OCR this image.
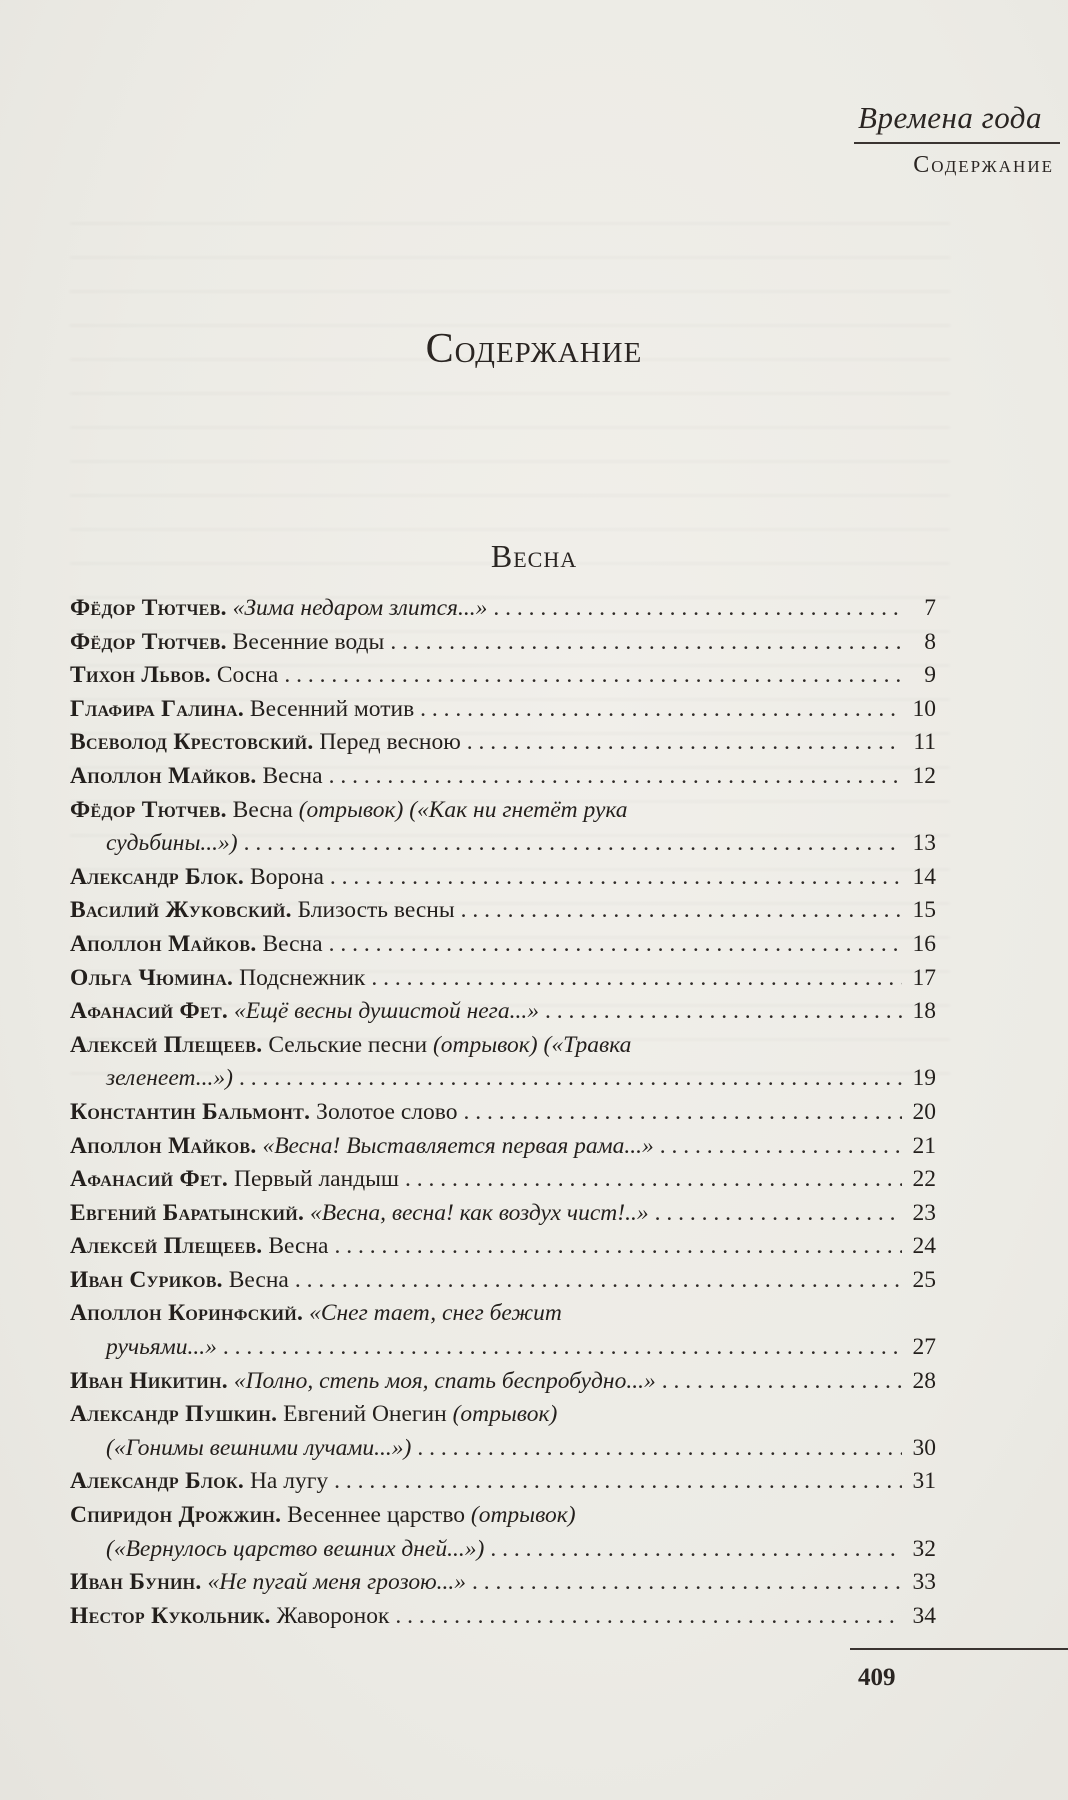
Времена года
Содержание
Содержание
Весна
Фёдор Тютчев. «Зима недаром злится...» . . .	7
Фёдор Тютчев. Весенние воды . . .	8
Тихон Львов. Сосна . . .	9
Глафира Галина. Весенний мотив . . .	10
Всеволод Крестовский. Перед весною . . .	11
Аполлон Майков. Весна . . .	12
Фёдор Тютчев. Весна (отрывок) («Как ни гнетёт рука
судьбины...») . . .	13
Александр Блок. Ворона . . .	14
Василий Жуковский. Близость весны . . .	15
Аполлон Майков. Весна . . .	16
Ольга Чюмина. Подснежник . . .	17
Афанасий Фет. «Ещё весны душистой нега...» . . .	18
Алексей Плещеев. Сельские песни (отрывок) («Травка
зеленеет...») . . .	19
Константин Бальмонт. Золотое слово . . .	20
Аполлон Майков. «Весна! Выставляется первая рама...» . . .	21
Афанасий Фет. Первый ландыш . . .	22
Евгений Баратынский. «Весна, весна! как воздух чист!..» . . .	23
Алексей Плещеев. Весна . . .	24
Иван Суриков. Весна . . .	25
Аполлон Коринфский. «Снег тает, снег бежит
ручьями...» . . .	27
Иван Никитин. «Полно, степь моя, спать беспробудно...» . . .	28
Александр Пушкин. Евгений Онегин (отрывок)
(«Гонимы вешними лучами...») . . .	30
Александр Блок. На лугу . . .	31
Спиридон Дрожжин. Весеннее царство (отрывок)
(«Вернулось царство вешних дней...») . . .	32
Иван Бунин. «Не пугай меня грозою...» . . .	33
Нестор Кукольник. Жаворонок . . .	34
409
